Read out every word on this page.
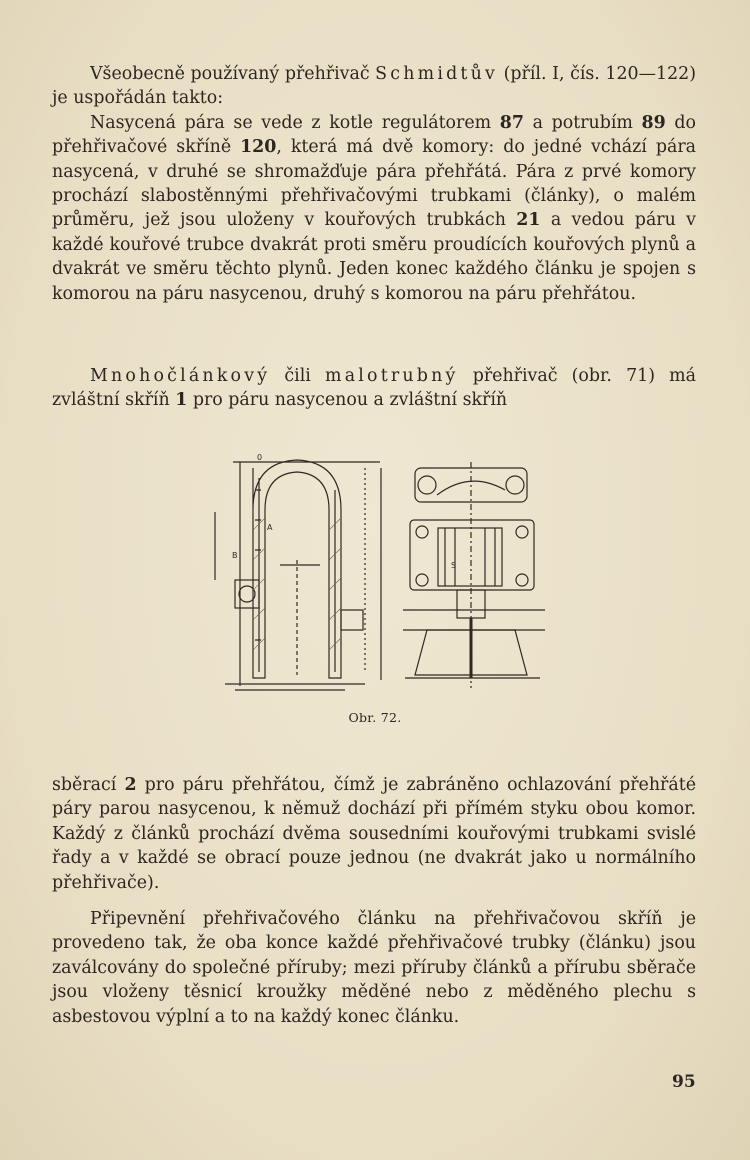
Všeobecně používaný přehřivač Schmidtův (příl. I, čís. 120—122) je uspořádán takto:

Nasycená pára se vede z kotle regulátorem 87 a potrubím 89 do přehřivačové skříně 120, která má dvě komory: do jedné vchází pára nasycená, v druhé se shromažďuje pára přehřátá. Pára z prvé komory prochází slabostěnnými přehřivačovými trubkami (články), o malém průměru, jež jsou uloženy v kouřových trubkách 21 a vedou páru v každé kouřové trubce dvakrát proti směru proudících kouřových plynů a dvakrát ve směru těchto plynů. Jeden konec každého článku je spojen s komorou na páru nasycenou, druhý s komorou na páru přehřátou.

Mnohočlánkový čili malotrubný přehřivač (obr. 71) má zvláštní skříň 1 pro páru nasycenou a zvláštní skříň

0
A
B
S
Obr. 72.

sběrací 2 pro páru přehřátou, čímž je zabráněno ochlazování přehřáté páry parou nasycenou, k němuž dochází při přímém styku obou komor. Každý z článků prochází dvěma sousedními kouřovými trubkami svislé řady a v každé se obrací pouze jednou (ne dvakrát jako u normálního přehřivače).

Připevnění přehřivačového článku na přehřivačovou skříň je provedeno tak, že oba konce každé přehřivačové trubky (článku) jsou zaválcovány do společné příruby; mezi příruby článků a přírubu sběrače jsou vloženy těsnicí kroužky měděné nebo z měděného plechu s asbestovou výplní a to na každý konec článku.

95
